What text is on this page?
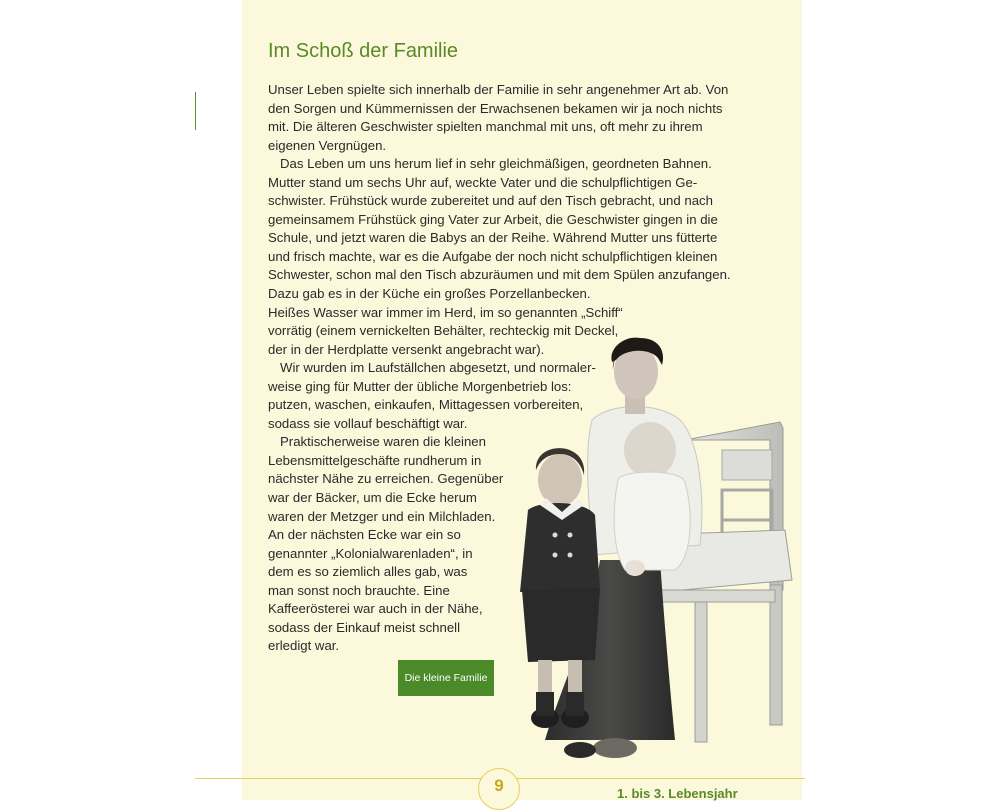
Im Schoß der Familie
Unser Leben spielte sich innerhalb der Familie in sehr angenehmer Art ab. Von
den Sorgen und Kümmernissen der Erwachsenen bekamen wir ja noch nichts
mit. Die älteren Geschwister spielten manchmal mit uns, oft mehr zu ihrem
eigenen Vergnügen.
Das Leben um uns herum lief in sehr gleichmäßigen, geordneten Bahnen.
Mutter stand um sechs Uhr auf, weckte Vater und die schulpflichtigen Ge-
schwister. Frühstück wurde zubereitet und auf den Tisch gebracht, und nach
gemeinsamem Frühstück ging Vater zur Arbeit, die Geschwister gingen in die
Schule, und jetzt waren die Babys an der Reihe. Während Mutter uns fütterte
und frisch machte, war es die Aufgabe der noch nicht schulpflichtigen kleinen
Schwester, schon mal den Tisch abzuräumen und mit dem Spülen anzufangen.
Dazu gab es in der Küche ein großes Porzellanbecken.
Heißes Wasser war immer im Herd, im so genannten „Schiff“
vorrätig (einem vernickelten Behälter, rechteckig mit Deckel,
der in der Herdplatte versenkt angebracht war).
Wir wurden im Laufställchen abgesetzt, und normaler-
weise ging für Mutter der übliche Morgenbetrieb los:
putzen, waschen, einkaufen, Mittagessen vorbereiten,
sodass sie vollauf beschäftigt war.
Praktischerweise waren die kleinen
Lebensmittelgeschäfte rundherum in
nächster Nähe zu erreichen. Gegenüber
war der Bäcker, um die Ecke herum
waren der Metzger und ein Milchladen.
An der nächsten Ecke war ein so
genannter „Kolonialwarenladen“, in
dem es so ziemlich alles gab, was
man sonst noch brauchte. Eine
Kaffeerösterei war auch in der Nähe,
sodass der Einkauf meist schnell
erledigt war.
Die kleine Familie
9	1. bis 3. Lebensjahr
